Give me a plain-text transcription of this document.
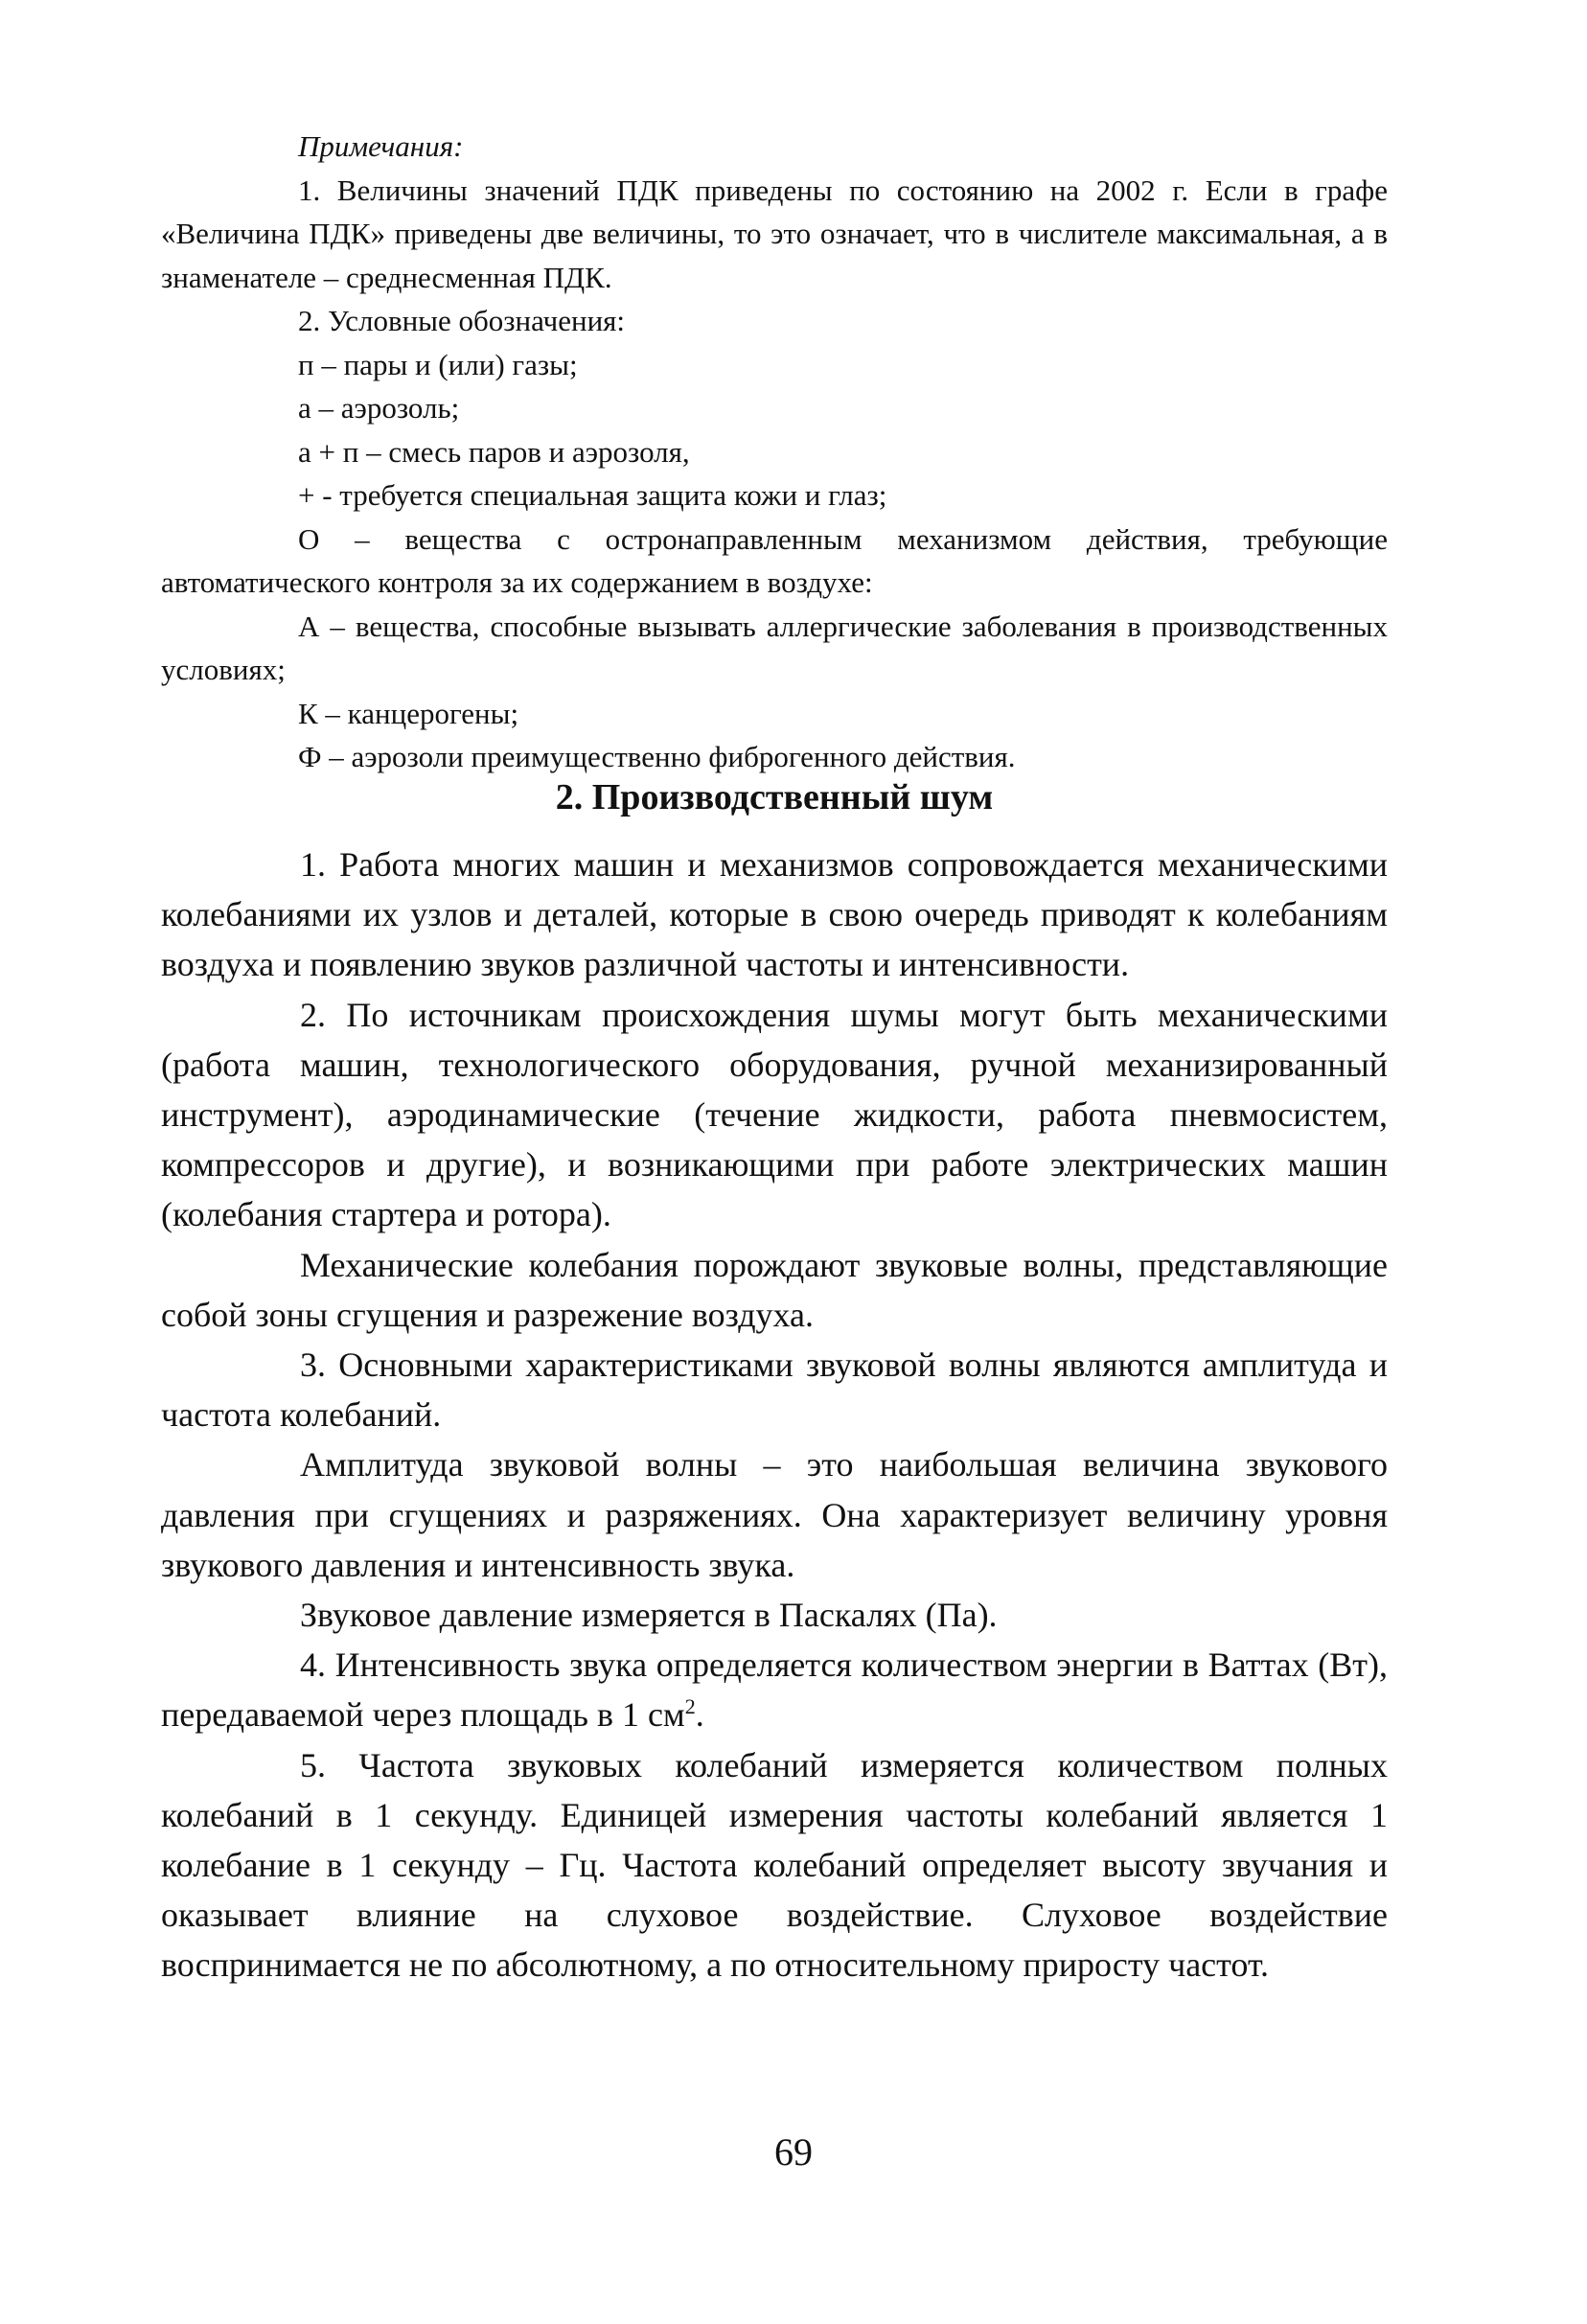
Примечания:

1. Величины значений ПДК приведены по состоянию на 2002 г. Если в графе «Величина ПДК» приведены две величины, то это означает, что в числителе максимальная, а в знаменателе – среднесменная ПДК.

2. Условные обозначения:

п – пары и (или) газы;

а – аэрозоль;

а + п – смесь паров и аэрозоля,

+ - требуется специальная защита кожи и глаз;

О – вещества с остронаправленным механизмом действия, требующие автоматического контроля за их содержанием в воздухе:

А – вещества, способные вызывать аллергические заболевания в производственных условиях;

К – канцерогены;

Ф – аэрозоли преимущественно фиброгенного действия.

2. Производственный шум

1. Работа многих машин и механизмов сопровождается механическими колебаниями их узлов и деталей, которые в свою очередь приводят к колебаниям воздуха и появлению звуков различной частоты и интенсивности.

2. По источникам происхождения шумы могут быть механическими (работа машин, технологического оборудования, ручной механизированный инструмент), аэродинамические (течение жидкости, работа пневмосистем, компрессоров и другие), и возникающими при работе электрических машин (колебания стартера и ротора).

Механические колебания порождают звуковые волны, представляющие собой зоны сгущения и разрежение воздуха.

3. Основными характеристиками звуковой волны являются амплитуда и частота колебаний.

Амплитуда звуковой волны – это наибольшая величина звукового давления при сгущениях и разряжениях. Она характеризует величину уровня звукового давления и интенсивность звука.

Звуковое давление измеряется в Паскалях (Па).

4. Интенсивность звука определяется количеством энергии в Ваттах (Вт), передаваемой через площадь в 1 $см^2$.

5. Частота звуковых колебаний измеряется количеством полных колебаний в 1 секунду. Единицей измерения частоты колебаний является 1 колебание в 1 секунду – Гц. Частота колебаний определяет высоту звучания и оказывает влияние на слуховое воздействие. Слуховое воздействие воспринимается не по абсолютному, а по относительному приросту частот.

69
